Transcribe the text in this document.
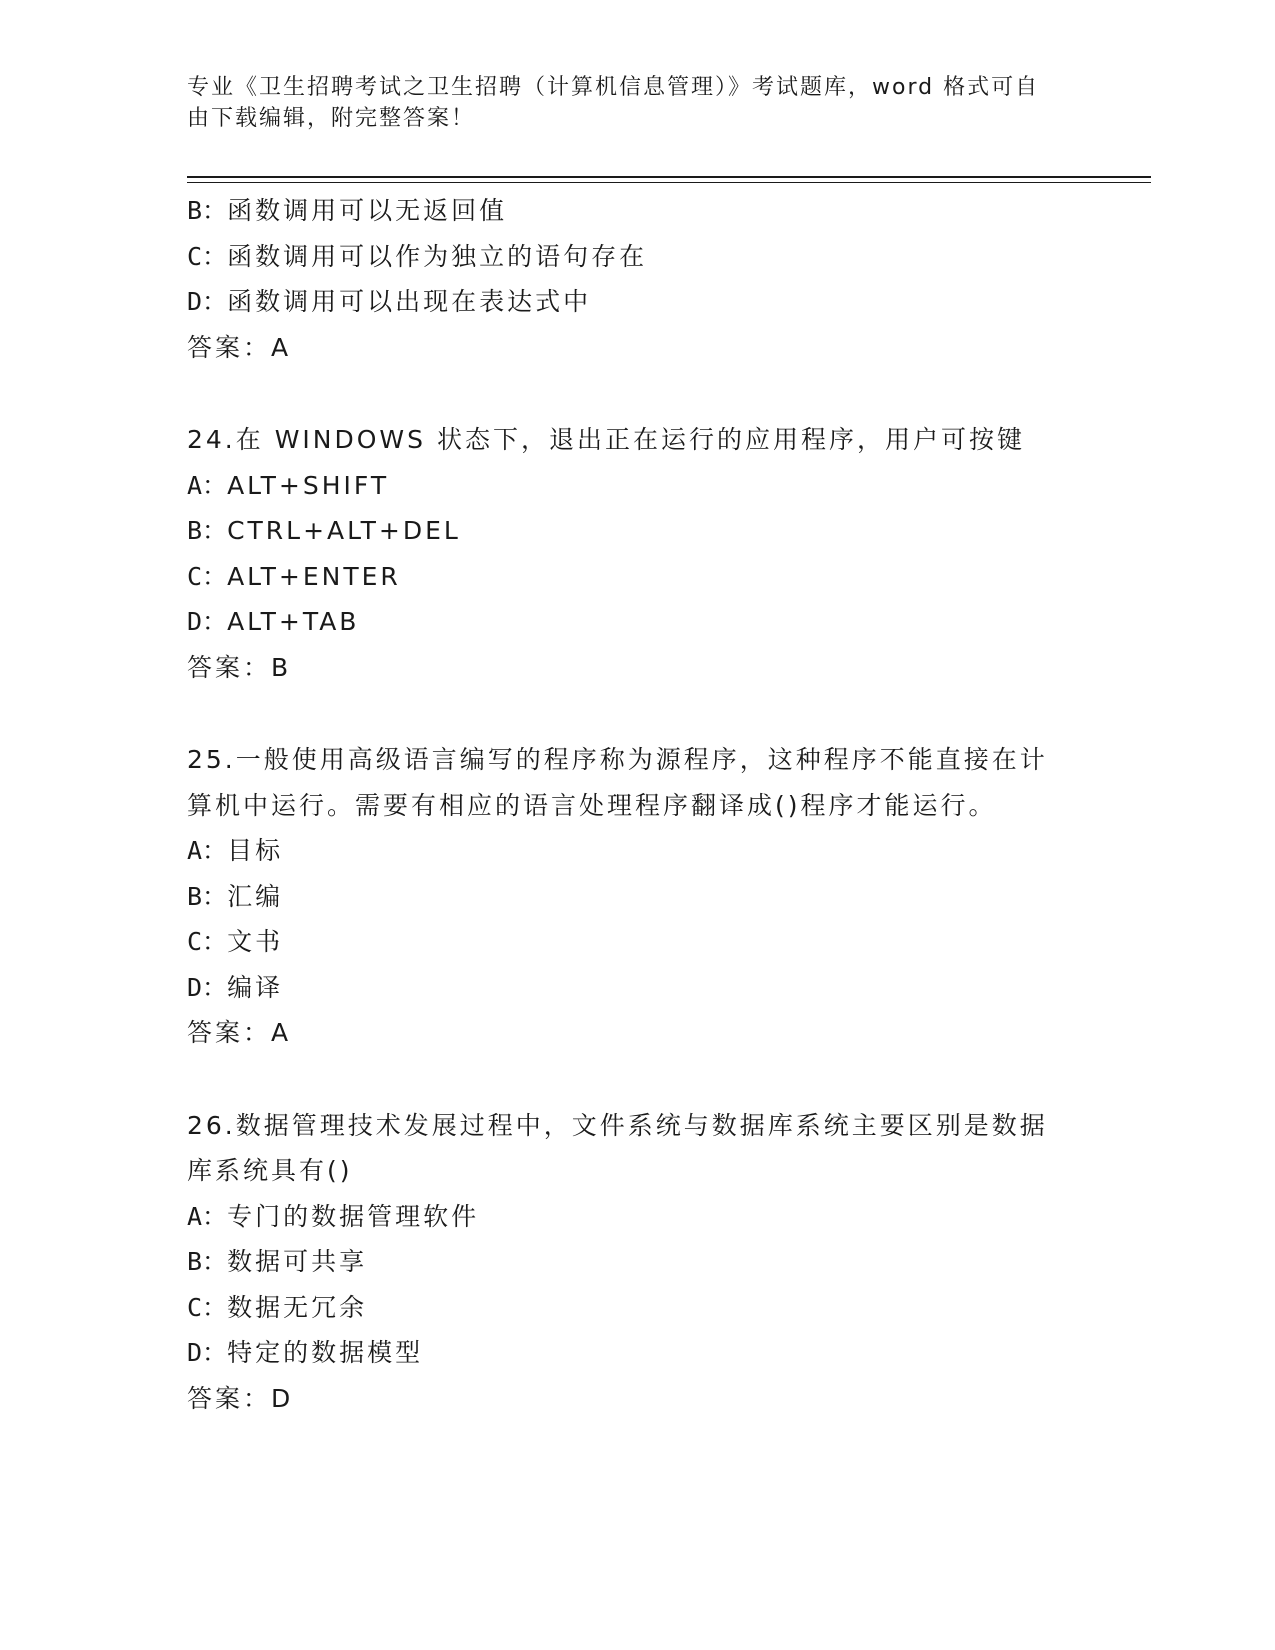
专业《卫生招聘考试之卫生招聘（计算机信息管理）》考试题库，word 格式可自
由下载编辑，附完整答案！
B：函数调用可以无返回值
C：函数调用可以作为独立的语句存在
D：函数调用可以出现在表达式中
答案：A
24.在 WINDOWS 状态下，退出正在运行的应用程序，用户可按键
A：ALT+SHIFT
B：CTRL+ALT+DEL
C：ALT+ENTER
D：ALT+TAB
答案：B
25.一般使用高级语言编写的程序称为源程序，这种程序不能直接在计
算机中运行。需要有相应的语言处理程序翻译成()程序才能运行。
A：目标
B：汇编
C：文书
D：编译
答案：A
26.数据管理技术发展过程中，文件系统与数据库系统主要区别是数据
库系统具有()
A：专门的数据管理软件
B：数据可共享
C：数据无冗余
D：特定的数据模型
答案：D
